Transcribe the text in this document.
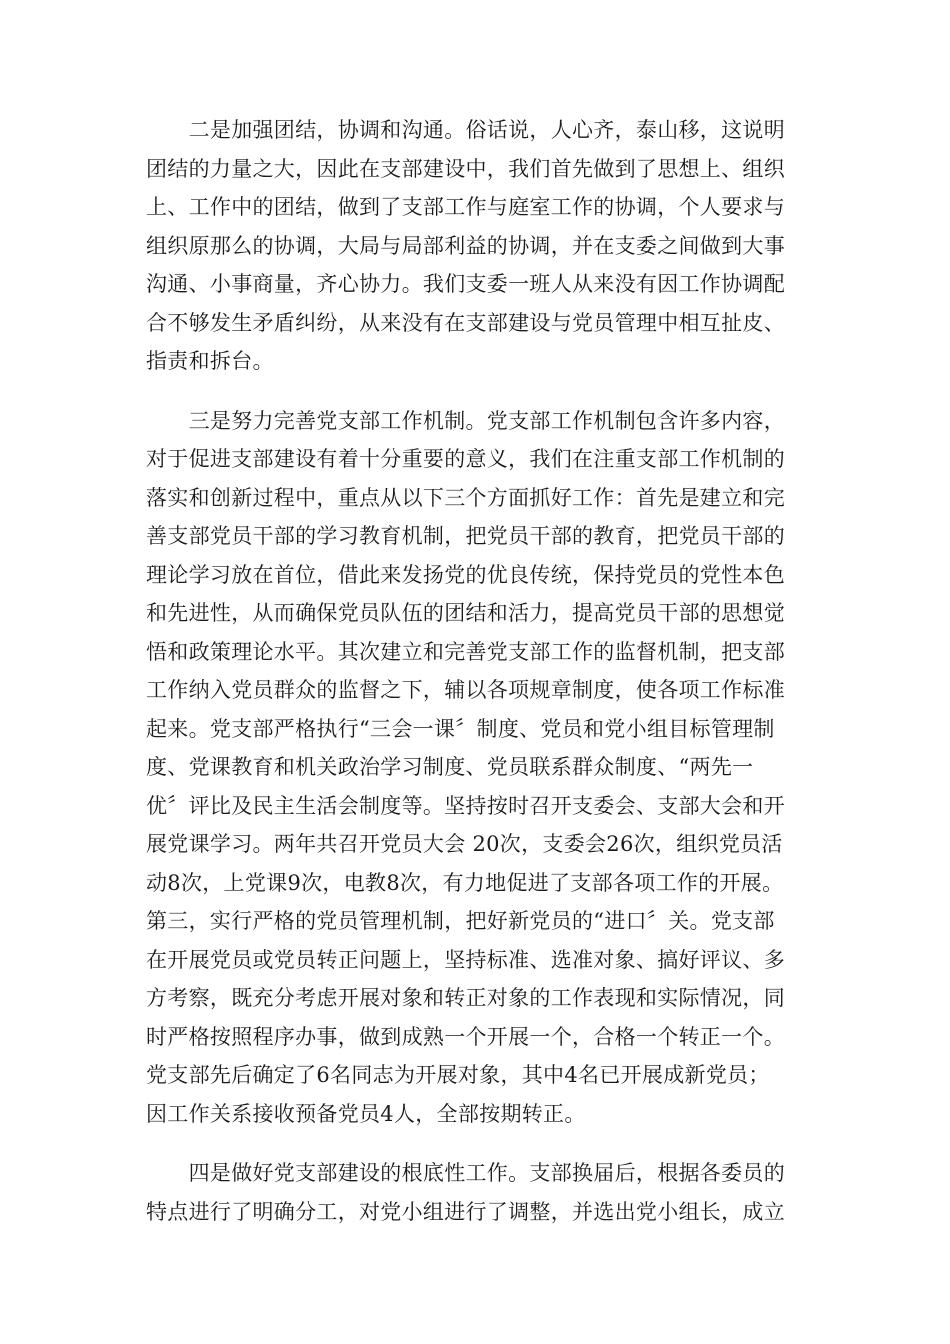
　　二是加强团结，协调和沟通。俗话说，人心齐，泰山移，这说明
团结的力量之大，因此在支部建设中，我们首先做到了思想上、组织
上、工作中的团结，做到了支部工作与庭室工作的协调，个人要求与
组织原那么的协调，大局与局部利益的协调，并在支委之间做到大事
沟通、小事商量，齐心协力。我们支委一班人从来没有因工作协调配
合不够发生矛盾纠纷，从来没有在支部建设与党员管理中相互扯皮、
指责和拆台。
　　三是努力完善党支部工作机制。党支部工作机制包含许多内容，
对于促进支部建设有着十分重要的意义，我们在注重支部工作机制的
落实和创新过程中，重点从以下三个方面抓好工作：首先是建立和完
善支部党员干部的学习教育机制，把党员干部的教育，把党员干部的
理论学习放在首位，借此来发扬党的优良传统，保持党员的党性本色
和先进性，从而确保党员队伍的团结和活力，提高党员干部的思想觉
悟和政策理论水平。其次建立和完善党支部工作的监督机制，把支部
工作纳入党员群众的监督之下，辅以各项规章制度，使各项工作标准
起来。党支部严格执行“三会一课〞制度、党员和党小组目标管理制
度、党课教育和机关政治学习制度、党员联系群众制度、“两先一
优〞评比及民主生活会制度等。坚持按时召开支委会、支部大会和开
展党课学习。两年共召开党员大会 20次，支委会26次，组织党员活
动8次，上党课9次，电教8次，有力地促进了支部各项工作的开展。
第三，实行严格的党员管理机制，把好新党员的“进口〞关。党支部
在开展党员或党员转正问题上，坚持标准、选准对象、搞好评议、多
方考察，既充分考虑开展对象和转正对象的工作表现和实际情况，同
时严格按照程序办事，做到成熟一个开展一个，合格一个转正一个。
党支部先后确定了6名同志为开展对象，其中4名已开展成新党员；
因工作关系接收预备党员4人，全部按期转正。
　　四是做好党支部建设的根底性工作。支部换届后，根据各委员的
特点进行了明确分工，对党小组进行了调整，并选出党小组长，成立
